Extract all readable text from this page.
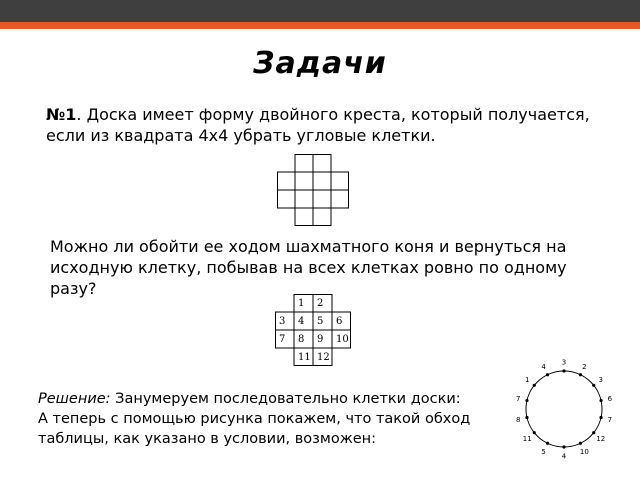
Задачи
№1. Доска имеет форму двойного креста, который получается, если из квадрата 4х4 убрать угловые клетки.
Можно ли обойти ее ходом шахматного коня и вернуться на исходную клетку, побывав на всех клетках ровно по одному разу?
1 2
3 4 5 6
7 8 9 10
11 12
Решение: Занумеруем последовательно клетки доски:
А теперь с помощью рисунка покажем, что такой обход таблицы, как указано в условии, возможен:
3
2
3
6
7
12
10
4
5
11
8
7
1
4
